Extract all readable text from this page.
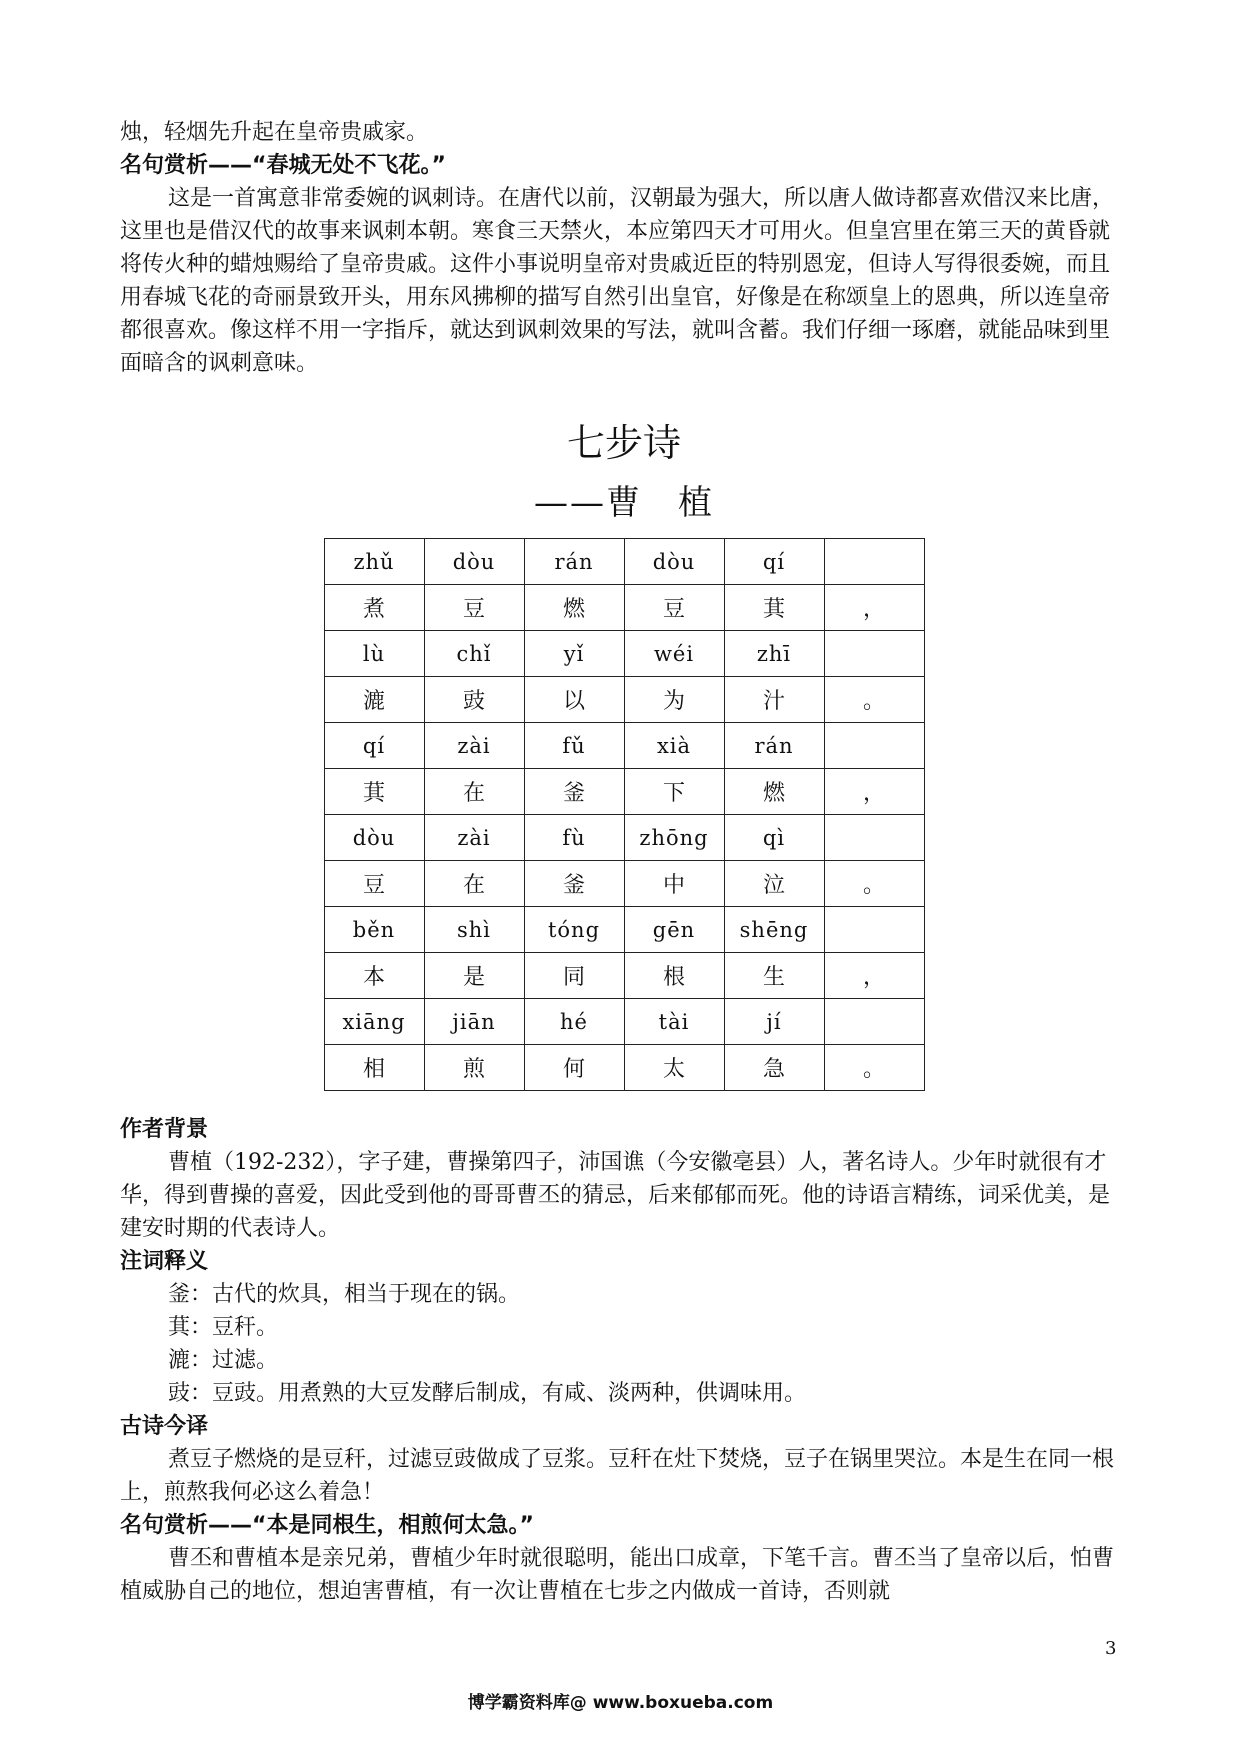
烛，轻烟先升起在皇帝贵戚家。

名句赏析——“春城无处不飞花。”

这是一首寓意非常委婉的讽刺诗。在唐代以前，汉朝最为强大，所以唐人做诗都喜欢借汉来比唐，这里也是借汉代的故事来讽刺本朝。寒食三天禁火，本应第四天才可用火。但皇宫里在第三天的黄昏就将传火种的蜡烛赐给了皇帝贵戚。这件小事说明皇帝对贵戚近臣的特别恩宠，但诗人写得很委婉，而且用春城飞花的奇丽景致开头，用东风拂柳的描写自然引出皇官，好像是在称颂皇上的恩典，所以连皇帝都很喜欢。像这样不用一字指斥，就达到讽刺效果的写法，就叫含蓄。我们仔细一琢磨，就能品味到里面暗含的讽刺意味。

七步诗
——曹　植
zhǔ	dòu	rán	dòu	qí	
煮	豆	燃	豆	萁	，
lù	chǐ	yǐ	wéi	zhī	
漉	豉	以	为	汁	。
qí	zài	fǔ	xià	rán	
萁	在	釜	下	燃	，
dòu	zài	fù	zhōng	qì	
豆	在	釜	中	泣	。
běn	shì	tóng	gēn	shēng	
本	是	同	根	生	，
xiāng	jiān	hé	tài	jí	
相	煎	何	太	急	。

作者背景

曹植（192-232），字子建，曹操第四子，沛国谯（今安徽亳县）人，著名诗人。少年时就很有才华，得到曹操的喜爱，因此受到他的哥哥曹丕的猜忌，后来郁郁而死。他的诗语言精练，词采优美，是建安时期的代表诗人。

注词释义

釜：古代的炊具，相当于现在的锅。

萁：豆秆。

漉：过滤。

豉：豆豉。用煮熟的大豆发酵后制成，有咸、淡两种，供调味用。

古诗今译

煮豆子燃烧的是豆秆，过滤豆豉做成了豆浆。豆秆在灶下焚烧，豆子在锅里哭泣。本是生在同一根上，煎熬我何必这么着急！

名句赏析——“本是同根生，相煎何太急。”

曹丕和曹植本是亲兄弟，曹植少年时就很聪明，能出口成章，下笔千言。曹丕当了皇帝以后，怕曹植威胁自己的地位，想迫害曹植，有一次让曹植在七步之内做成一首诗，否则就

3
博学霸资料库@ www.boxueba.com
